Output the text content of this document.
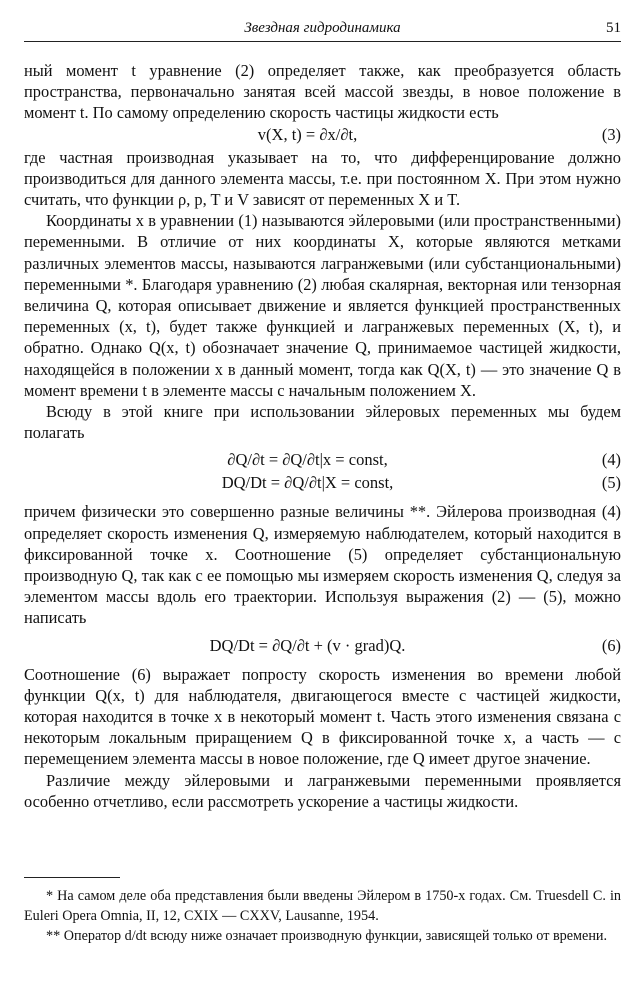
Звездная гидродинамика	51

ный момент t уравнение (2) определяет также, как преобразуется область пространства, первоначально занятая всей массой звезды, в новое положение в момент t. По самому определению скорость частицы жидкости есть

v(X, t) = ∂x/∂t,	(3)

где частная производная указывает на то, что дифференцирование должно производиться для данного элемента массы, т.е. при постоянном X. При этом нужно считать, что функции ρ, p, T и V зависят от переменных X и T.

Координаты x в уравнении (1) называются эйлеровыми (или пространственными) переменными. В отличие от них координаты X, которые являются метками различных элементов массы, называются лагранжевыми (или субстанциональными) переменными *. Благодаря уравнению (2) любая скалярная, векторная или тензорная величина Q, которая описывает движение и является функцией пространственных переменных (x, t), будет также функцией и лагранжевых переменных (X, t), и обратно. Однако Q(x, t) обозначает значение Q, принимаемое частицей жидкости, находящейся в положении x в данный момент, тогда как Q(X, t) — это значение Q в момент времени t в элементе массы с начальным положением X.

Всюду в этой книге при использовании эйлеровых переменных мы будем полагать

∂Q/∂t = ∂Q/∂t|x = const,	(4)
DQ/Dt = ∂Q/∂t|X = const,	(5)

причем физически это совершенно разные величины **. Эйлерова производная (4) определяет скорость изменения Q, измеряемую наблюдателем, который находится в фиксированной точке x. Соотношение (5) определяет субстанциональную производную Q, так как с ее помощью мы измеряем скорость изменения Q, следуя за элементом массы вдоль его траектории. Используя выражения (2) — (5), можно написать

DQ/Dt = ∂Q/∂t + (v · grad)Q.	(6)

Соотношение (6) выражает попросту скорость изменения во времени любой функции Q(x, t) для наблюдателя, двигающегося вместе с частицей жидкости, которая находится в точке x в некоторый момент t. Часть этого изменения связана с некоторым локальным приращением Q в фиксированной точке x, а часть — с перемещением элемента массы в новое положение, где Q имеет другое значение.

Различие между эйлеровыми и лагранжевыми переменными проявляется особенно отчетливо, если рассмотреть ускорение a частицы жидкости.

* На самом деле оба представления были введены Эйлером в 1750-х годах. См. Truesdell C. in Euleri Opera Omnia, II, 12, CXIX — CXXV, Lausanne, 1954.

** Оператор d/dt всюду ниже означает производную функции, зависящей только от времени.
